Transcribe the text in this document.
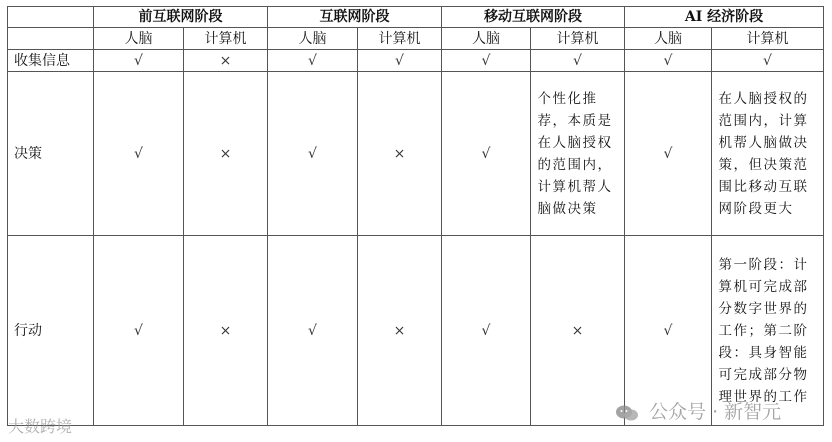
	前互联网阶段		互联网阶段		移动互联网阶段		AI 经济阶段	
	人脑	计算机	人脑	计算机	人脑	计算机	人脑	计算机
收集信息	√	×	√	√	√	√	√	√
决策	√	×	√	×	√	个性化推荐，本质是在人脑授权的范围内，计算机帮人脑做决策	√	在人脑授权的范围内，计算机帮人脑做决策，但决策范围比移动互联网阶段更大
行动	√	×	√	×	√	×	√	第一阶段：计算机可完成部分数字世界的工作；第二阶段：具身智能可完成部分物理世界的工作
大数跨境
公众号 · 新智元
